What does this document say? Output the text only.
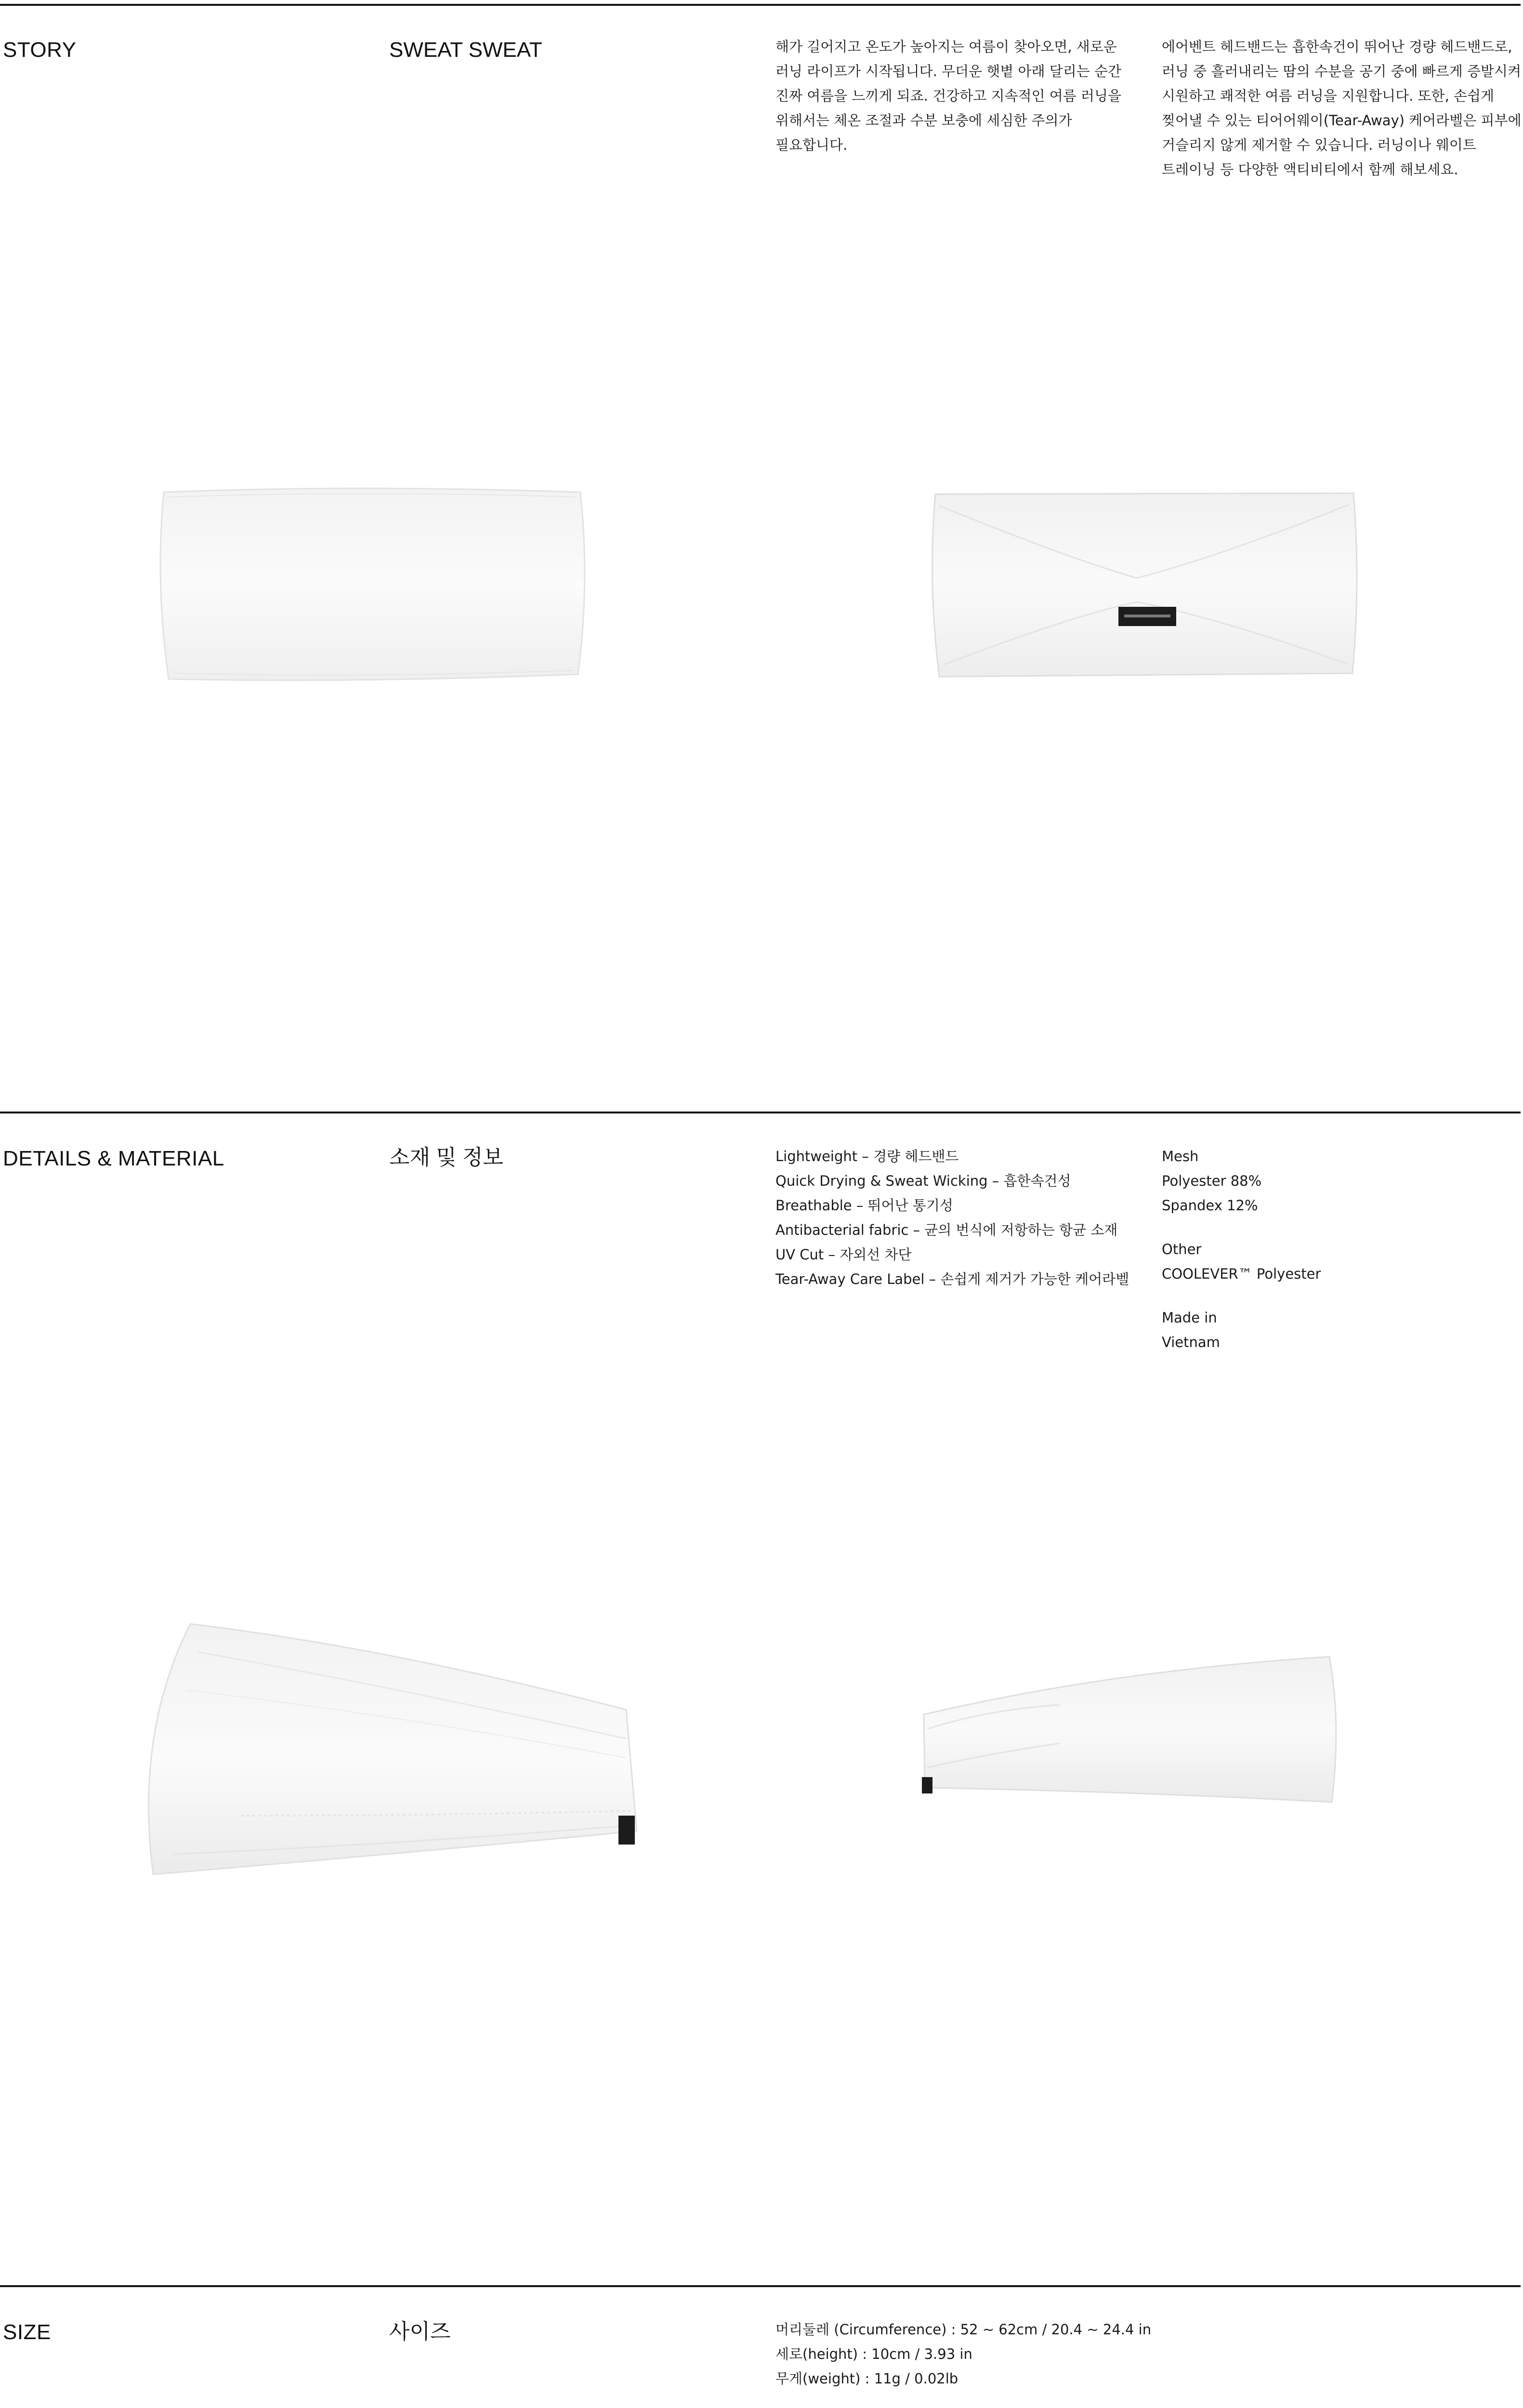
STORY	SWEAT SWEAT	해가 길어지고 온도가 높아지는 여름이 찾아오면, 새로운
러닝 라이프가 시작됩니다. 무더운 햇볕 아래 달리는 순간
진짜 여름을 느끼게 되죠. 건강하고 지속적인 여름 러닝을
위해서는 체온 조절과 수분 보충에 세심한 주의가
필요합니다.
에어벤트 헤드밴드는 흡한속건이 뛰어난 경량 헤드밴드로,
러닝 중 흘러내리는 땀의 수분을 공기 중에 빠르게 증발시켜
시원하고 쾌적한 여름 러닝을 지원합니다. 또한, 손쉽게
찢어낼 수 있는 티어어웨이(Tear-Away) 케어라벨은 피부에
거슬리지 않게 제거할 수 있습니다. 러닝이나 웨이트
트레이닝 등 다양한 액티비티에서 함께 해보세요.
DETAILS & MATERIAL	소재 및 정보	Lightweight – 경량 헤드밴드
Quick Drying & Sweat Wicking – 흡한속건성
Breathable – 뛰어난 통기성
Antibacterial fabric – 균의 번식에 저항하는 항균 소재
UV Cut – 자외선 차단
Tear-Away Care Label – 손쉽게 제거가 가능한 케어라벨
Mesh
Polyester 88%
Spandex 12%
Other
COOLEVER™ Polyester
Made in
Vietnam
SIZE	사이즈	머리둘레 (Circumference) : 52 ~ 62cm / 20.4 ~ 24.4 in
세로(height) : 10cm / 3.93 in
무게(weight) : 11g / 0.02lb
